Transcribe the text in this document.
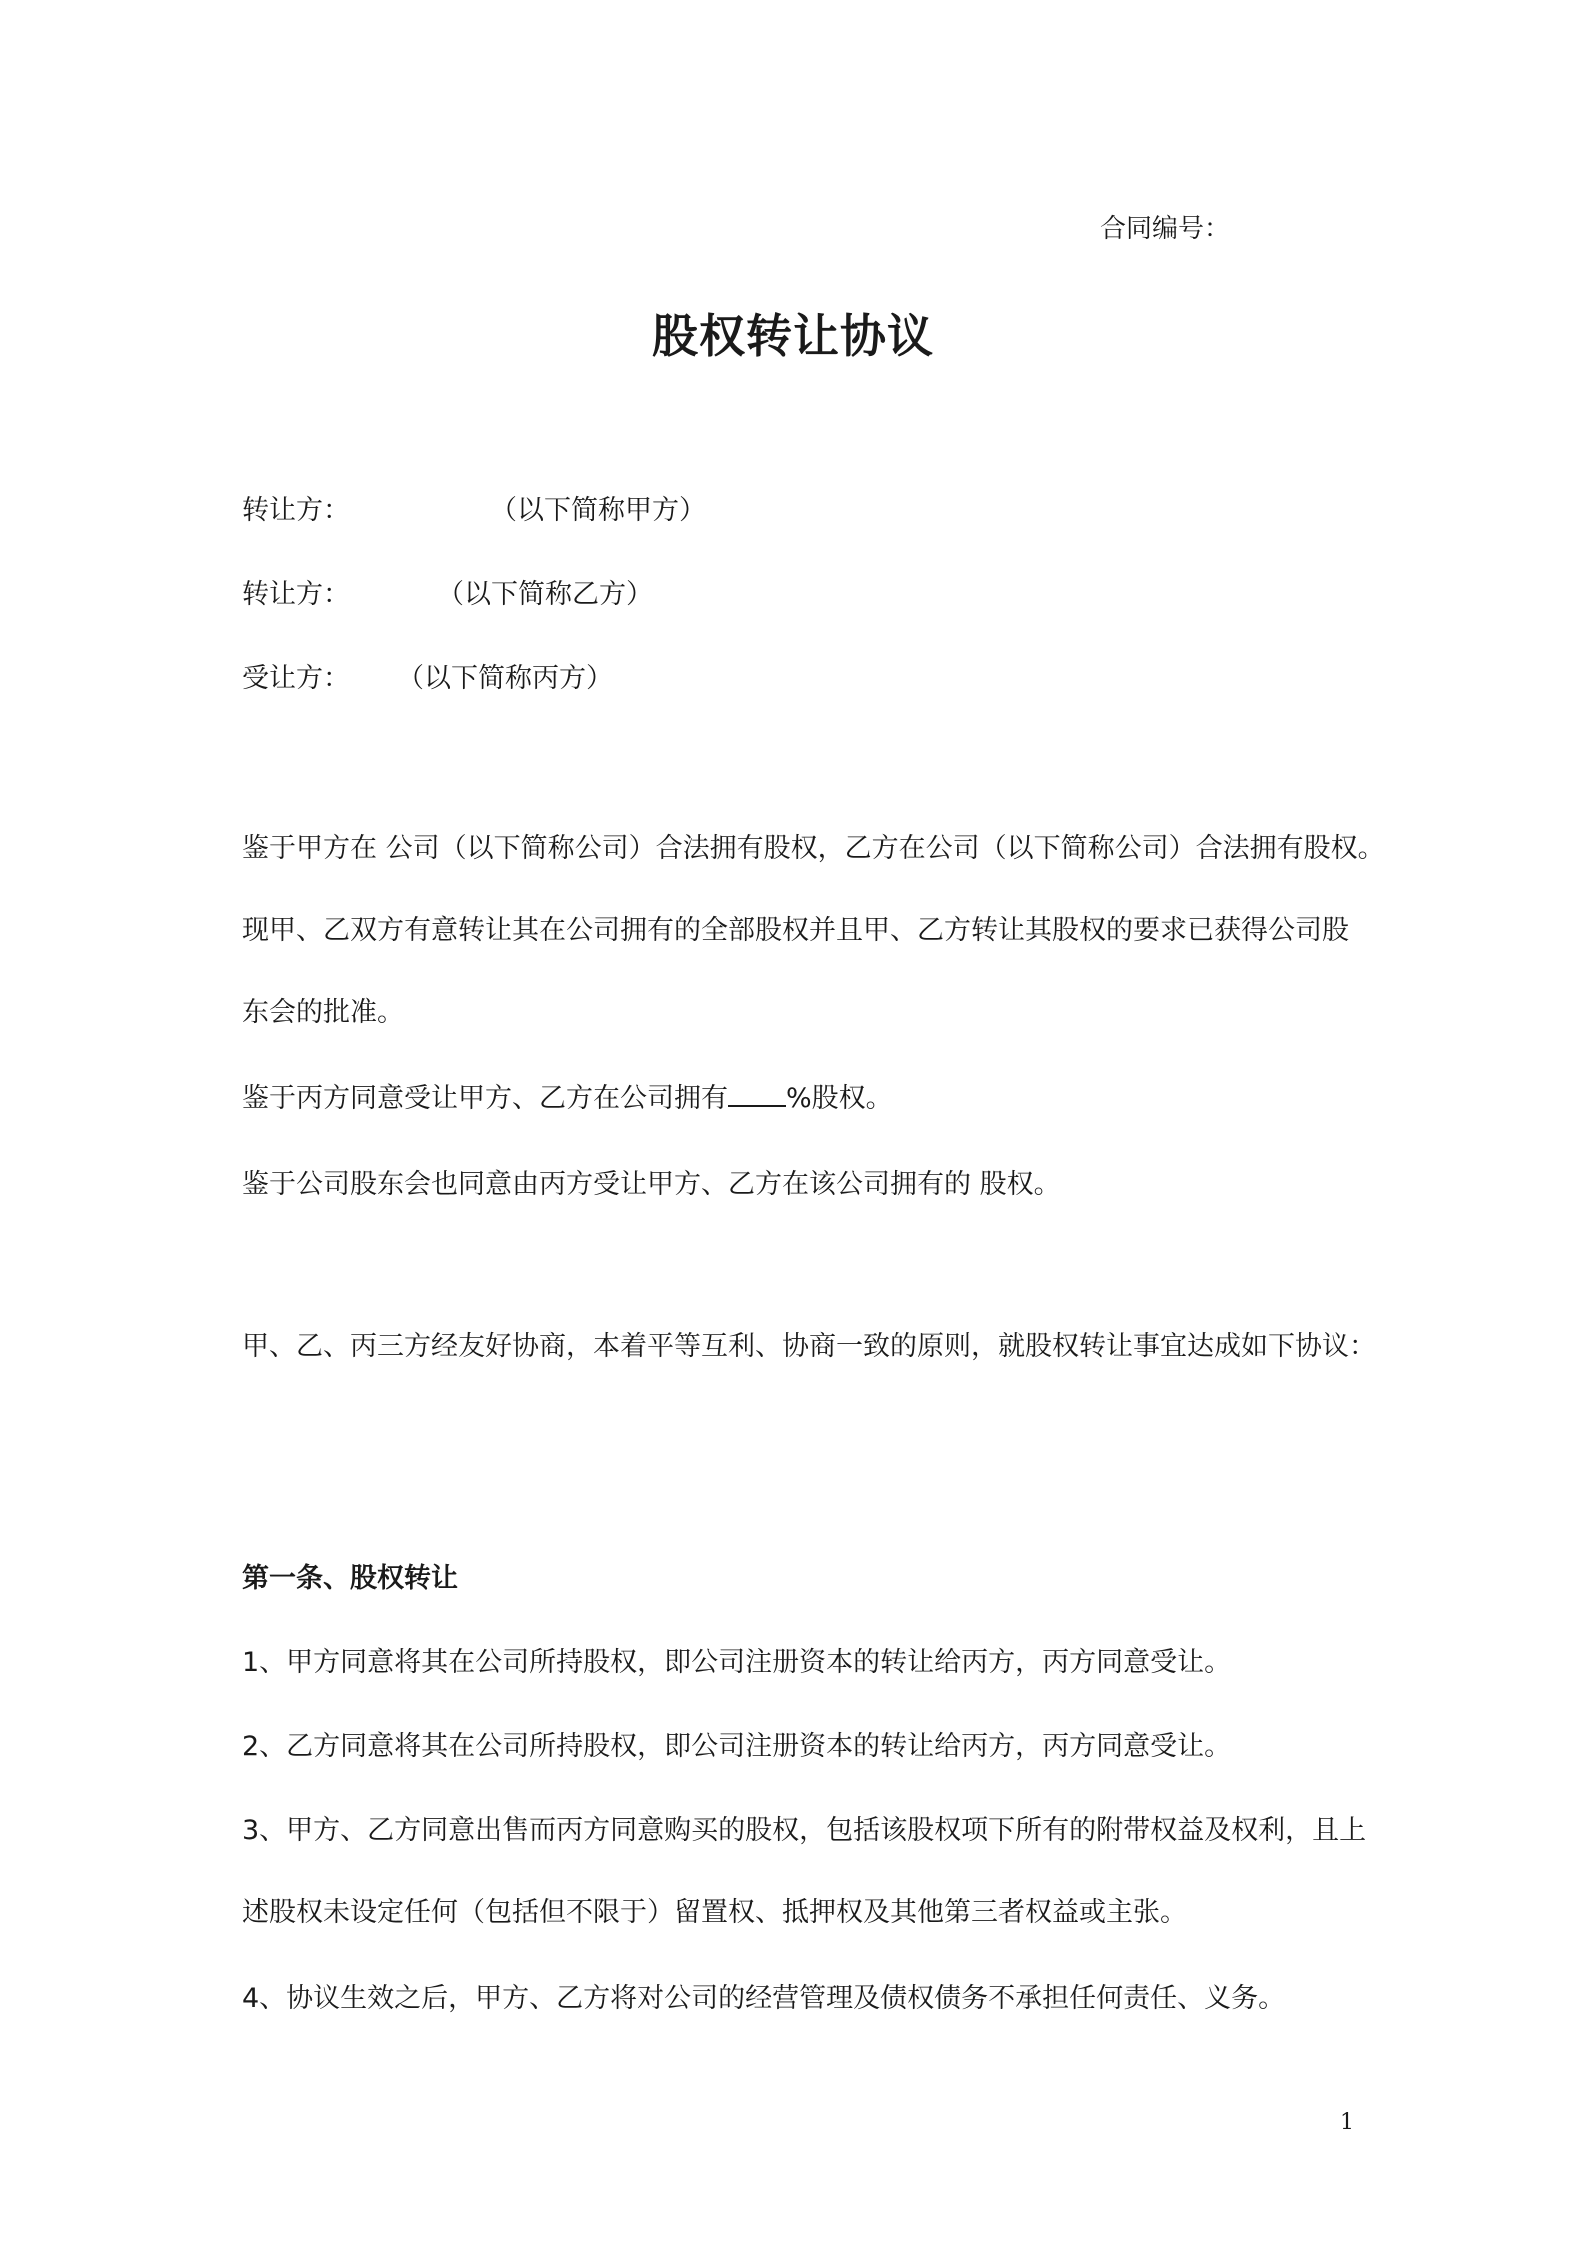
合同编号：
股权转让协议
转让方：	（以下简称甲方）
转让方：	（以下简称乙方）
受让方： （以下简称丙方）
鉴于甲方在 公司（以下简称公司）合法拥有股权，乙方在公司（以下简称公司）合法拥有股权。
现甲、乙双方有意转让其在公司拥有的全部股权并且甲、乙方转让其股权的要求已获得公司股
东会的批准。
鉴于丙方同意受让甲方、乙方在公司拥有 %股权。
鉴于公司股东会也同意由丙方受让甲方、乙方在该公司拥有的 股权。
甲、乙、丙三方经友好协商，本着平等互利、协商一致的原则，就股权转让事宜达成如下协议：
第一条、股权转让
1、甲方同意将其在公司所持股权，即公司注册资本的转让给丙方，丙方同意受让。
2、乙方同意将其在公司所持股权，即公司注册资本的转让给丙方，丙方同意受让。
3、甲方、乙方同意出售而丙方同意购买的股权，包括该股权项下所有的附带权益及权利，且上
述股权未设定任何（包括但不限于）留置权、抵押权及其他第三者权益或主张。
4、协议生效之后，甲方、乙方将对公司的经营管理及债权债务不承担任何责任、义务。
1
